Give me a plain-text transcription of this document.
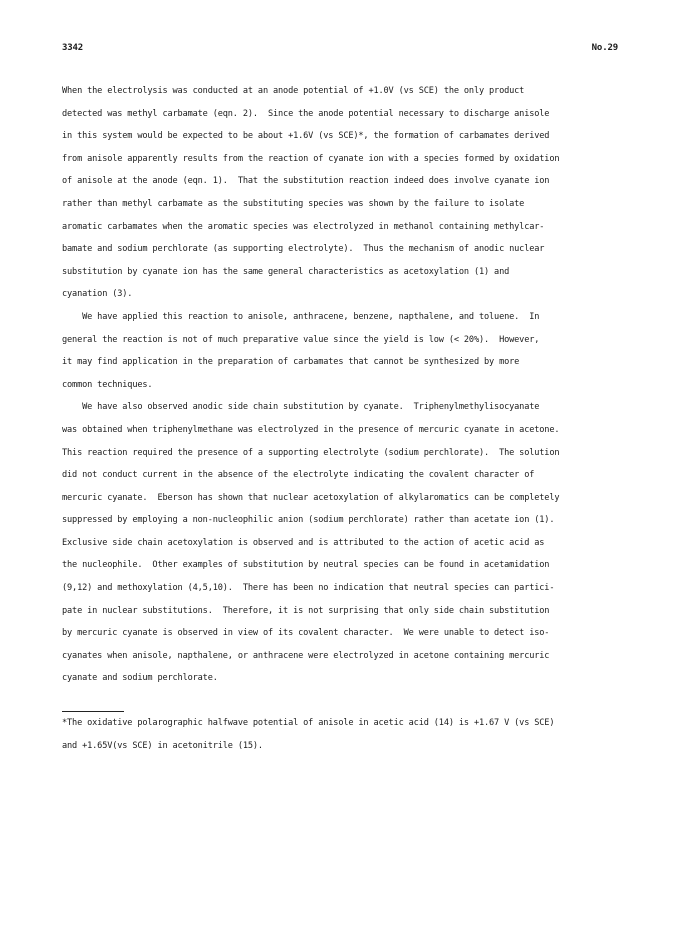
3342	No.29
When the electrolysis was conducted at an anode potential of +1.0V (vs SCE) the only product
detected was methyl carbamate (eqn. 2).  Since the anode potential necessary to discharge anisole
in this system would be expected to be about +1.6V (vs SCE)*, the formation of carbamates derived
from anisole apparently results from the reaction of cyanate ion with a species formed by oxidation
of anisole at the anode (eqn. 1).  That the substitution reaction indeed does involve cyanate ion
rather than methyl carbamate as the substituting species was shown by the failure to isolate
aromatic carbamates when the aromatic species was electrolyzed in methanol containing methylcar-
bamate and sodium perchlorate (as supporting electrolyte).  Thus the mechanism of anodic nuclear
substitution by cyanate ion has the same general characteristics as acetoxylation (1) and
cyanation (3).
We have applied this reaction to anisole, anthracene, benzene, napthalene, and toluene.  In
general the reaction is not of much preparative value since the yield is low (< 20%).  However,
it may find application in the preparation of carbamates that cannot be synthesized by more
common techniques.
We have also observed anodic side chain substitution by cyanate.  Triphenylmethylisocyanate
was obtained when triphenylmethane was electrolyzed in the presence of mercuric cyanate in acetone.
This reaction required the presence of a supporting electrolyte (sodium perchlorate).  The solution
did not conduct current in the absence of the electrolyte indicating the covalent character of
mercuric cyanate.  Eberson has shown that nuclear acetoxylation of alkylaromatics can be completely
suppressed by employing a non-nucleophilic anion (sodium perchlorate) rather than acetate ion (1).
Exclusive side chain acetoxylation is observed and is attributed to the action of acetic acid as
the nucleophile.  Other examples of substitution by neutral species can be found in acetamidation
(9,12) and methoxylation (4,5,10).  There has been no indication that neutral species can partici-
pate in nuclear substitutions.  Therefore, it is not surprising that only side chain substitution
by mercuric cyanate is observed in view of its covalent character.  We were unable to detect iso-
cyanates when anisole, napthalene, or anthracene were electrolyzed in acetone containing mercuric
cyanate and sodium perchlorate.
*The oxidative polarographic halfwave potential of anisole in acetic acid (14) is +1.67 V (vs SCE)
and +1.65V(vs SCE) in acetonitrile (15).
